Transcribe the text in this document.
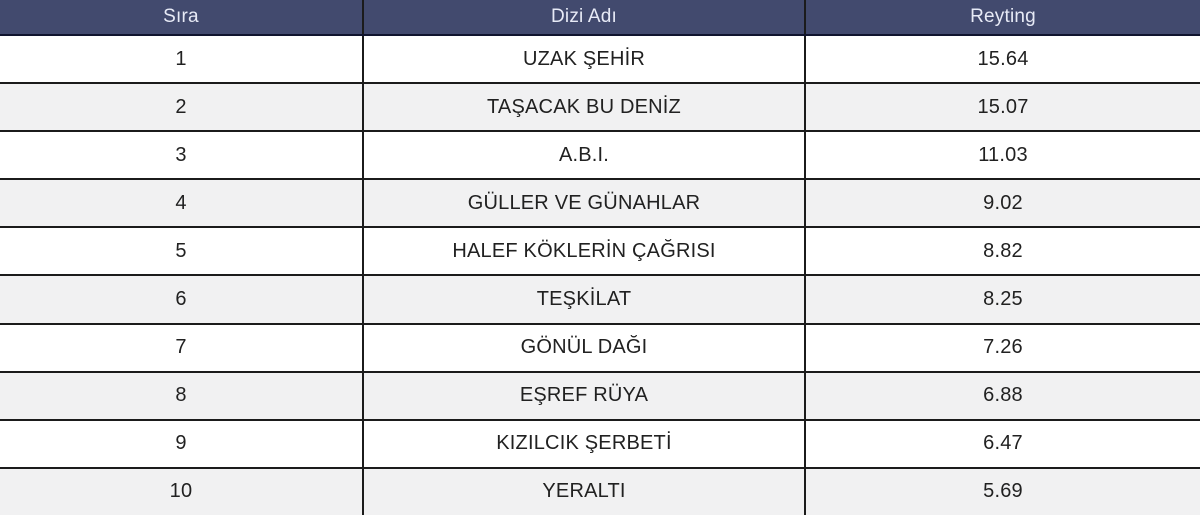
Sıra	Dizi Adı	Reyting
1	UZAK ŞEHİR	15.64
2	TAŞACAK BU DENİZ	15.07
3	A.B.I.	11.03
4	GÜLLER VE GÜNAHLAR	9.02
5	HALEF KÖKLERİN ÇAĞRISI	8.82
6	TEŞKİLAT	8.25
7	GÖNÜL DAĞI	7.26
8	EŞREF RÜYA	6.88
9	KIZILCIK ŞERBETİ	6.47
10	YERALTI	5.69
